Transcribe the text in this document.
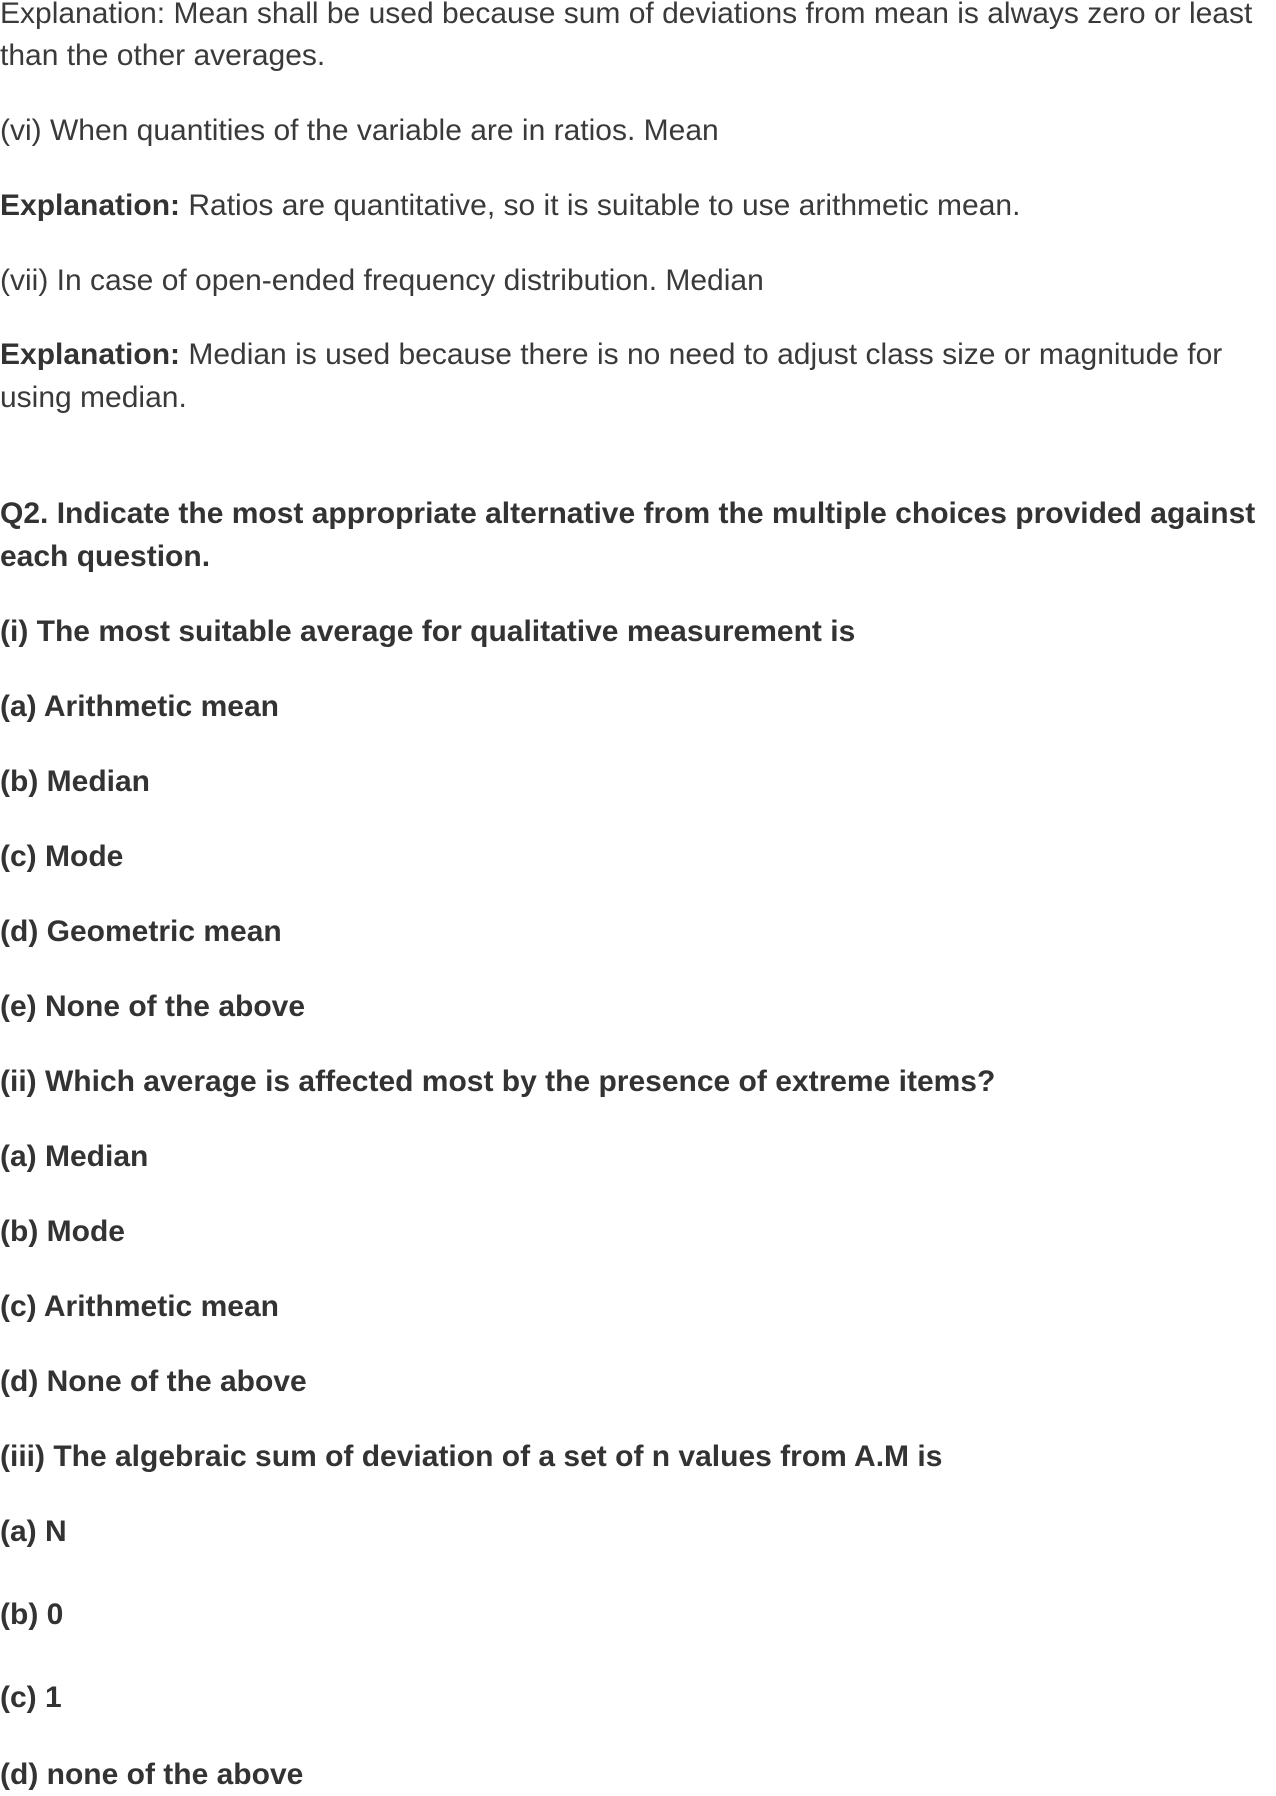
Explanation: Mean shall be used because sum of deviations from mean is always zero or least

than the other averages.

(vi) When quantities of the variable are in ratios. Mean

Explanation: Ratios are quantitative, so it is suitable to use arithmetic mean.

(vii) In case of open-ended frequency distribution. Median

Explanation: Median is used because there is no need to adjust class size or magnitude for

using median.

Q2. Indicate the most appropriate alternative from the multiple choices provided against

each question.

(i) The most suitable average for qualitative measurement is

(a) Arithmetic mean

(b) Median

(c) Mode

(d) Geometric mean

(e) None of the above

(ii) Which average is affected most by the presence of extreme items?

(a) Median

(b) Mode

(c) Arithmetic mean

(d) None of the above

(iii) The algebraic sum of deviation of a set of n values from A.M is

(a) N

(b) 0

(c) 1

(d) none of the above
